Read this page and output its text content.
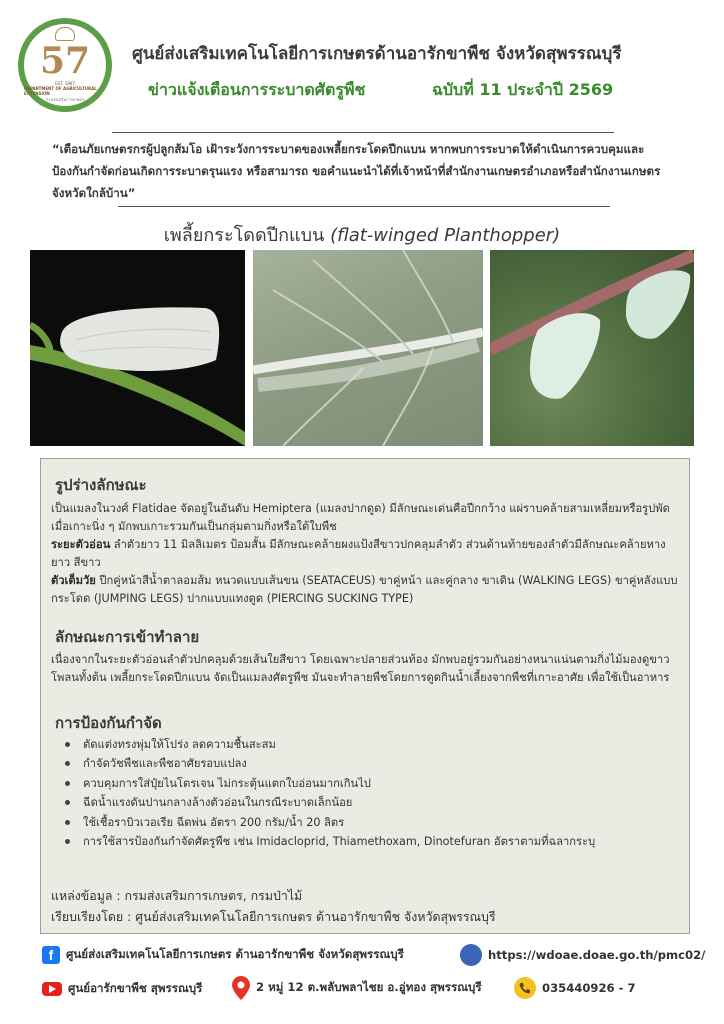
57
EST. 1967
DEPARTMENT OF AGRICULTURAL EXTENSION
กรมส่งเสริมการเกษตร
ศูนย์ส่งเสริมเทคโนโลยีการเกษตรด้านอารักขาพืช จังหวัดสุพรรณบุรี
ข่าวแจ้งเตือนการระบาดศัตรูพืช	ฉบับที่ 11 ประจำปี 2569
“เตือนภัยเกษตรกรผู้ปลูกส้มโอ เฝ้าระวังการระบาดของเพลี้ยกระโดดปีกแบน หากพบการระบาดให้ดำเนินการควบคุมและป้องกันกำจัดก่อนเกิดการระบาดรุนแรง หรือสามารถ ขอคำแนะนำได้ที่เจ้าหน้าที่สำนักงานเกษตรอำเภอหรือสำนักงานเกษตรจังหวัดใกล้บ้าน”
เพลี้ยกระโดดปีกแบน (flat-winged Planthopper)
รูปร่างลักษณะ
เป็นแมลงในวงศ์ Flatidae จัดอยู่ในอันดับ Hemiptera (แมลงปากดูด) มีลักษณะเด่นคือปีกกว้าง แผ่ราบคล้ายสามเหลี่ยมหรือรูปพัดเมื่อเกาะนิ่ง ๆ มักพบเกาะรวมกันเป็นกลุ่มตามกิ่งหรือใต้ใบพืช
ระยะตัวอ่อน ลำตัวยาว 11 มิลลิเมตร ป้อมสั้น มีลักษณะคล้ายผงแป้งสีขาวปกคลุมลำตัว ส่วนด้านท้ายของลำตัวมีลักษณะคล้ายหาง ยาว สีขาว
ตัวเต็มวัย ปีกคู่หน้าสีน้ำตาลอมส้ม หนวดแบบเส้นขน (SEATACEUS) ขาคู่หน้า และคู่กลาง ขาเดิน (WALKING LEGS) ขาคู่หลังแบบกระโดด (JUMPING LEGS) ปากแบบแทงดูด (PIERCING SUCKING TYPE)
ลักษณะการเข้าทำลาย
เนื่องจากในระยะตัวอ่อนลำตัวปกคลุมด้วยเส้นใยสีขาว โดยเฉพาะปลายส่วนท้อง มักพบอยู่รวมกันอย่างหนาแน่นตามกิ่งไม้มองดูขาวโพลนทั้งต้น เพลี้ยกระโดดปีกแบน จัดเป็นแมลงศัตรูพืช มันจะทำลายพืชโดยการดูดกินน้ำเลี้ยงจากพืชที่เกาะอาศัย เพื่อใช้เป็นอาหาร
การป้องกันกำจัด
ตัดแต่งทรงพุ่มให้โปร่ง ลดความชื้นสะสม
กำจัดวัชพืชและพืชอาศัยรอบแปลง
ควบคุมการใส่ปุ๋ยไนโตรเจน ไม่กระตุ้นแตกใบอ่อนมากเกินไป
ฉีดน้ำแรงดันปานกลางล้างตัวอ่อนในกรณีระบาดเล็กน้อย
ใช้เชื้อราบิวเวอเรีย ฉีดพ่น อัตรา 200 กรัม/น้ำ 20 ลิตร
การใช้สารป้องกันกำจัดศัตรูพืช เช่น Imidacloprid, Thiamethoxam, Dinotefuran อัตราตามที่ฉลากระบุ
แหล่งข้อมูล : กรมส่งเสริมการเกษตร, กรมป่าไม้
เรียบเรียงโดย : ศูนย์ส่งเสริมเทคโนโลยีการเกษตร ด้านอารักขาพืช จังหวัดสุพรรณบุรี
f	ศูนย์ส่งเสริมเทคโนโลยีการเกษตร ด้านอารักขาพืช จังหวัดสุพรรณบุรี	https://wdoae.doae.go.th/pmc02/
ศูนย์อารักขาพืช สุพรรณบุรี	2 หมู่ 12 ต.พลับพลาไชย อ.อู่ทอง สุพรรณบุรี	035440926 - 7
